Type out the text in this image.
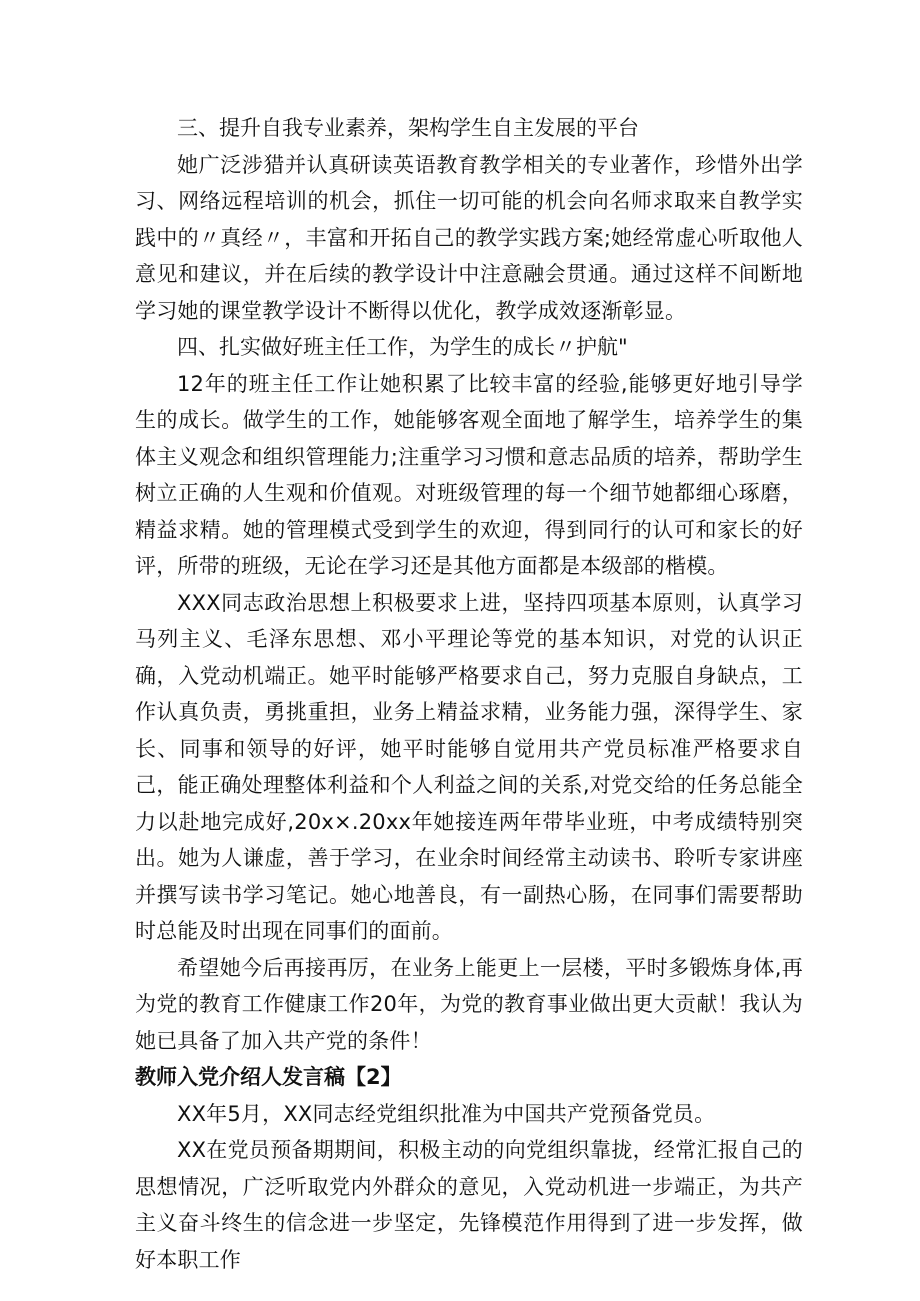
三、提升自我专业素养，架构学生自主发展的平台

她广泛涉猎并认真研读英语教育教学相关的专业著作，珍惜外出学习、网络远程培训的机会，抓住一切可能的机会向名师求取来自教学实践中的〃真经〃，丰富和开拓自己的教学实践方案;她经常虚心听取他人意见和建议，并在后续的教学设计中注意融会贯通。通过这样不间断地学习她的课堂教学设计不断得以优化，教学成效逐渐彰显。

四、扎实做好班主任工作，为学生的成长〃护航"

12年的班主任工作让她积累了比较丰富的经验,能够更好地引导学生的成长。做学生的工作，她能够客观全面地了解学生，培养学生的集体主义观念和组织管理能力;注重学习习惯和意志品质的培养，帮助学生树立正确的人生观和价值观。对班级管理的每一个细节她都细心琢磨，精益求精。她的管理模式受到学生的欢迎，得到同行的认可和家长的好评，所带的班级，无论在学习还是其他方面都是本级部的楷模。

XXX同志政治思想上积极要求上进，坚持四项基本原则，认真学习马列主义、毛泽东思想、邓小平理论等党的基本知识，对党的认识正确，入党动机端正。她平时能够严格要求自己，努力克服自身缺点，工作认真负责，勇挑重担，业务上精益求精，业务能力强，深得学生、家长、同事和领导的好评，她平时能够自觉用共产党员标准严格要求自己，能正确处理整体利益和个人利益之间的关系,对党交给的任务总能全力以赴地完成好,20x×.20xx年她接连两年带毕业班，中考成绩特别突出。她为人谦虚，善于学习，在业余时间经常主动读书、聆听专家讲座并撰写读书学习笔记。她心地善良，有一副热心肠，在同事们需要帮助时总能及时出现在同事们的面前。

希望她今后再接再厉，在业务上能更上一层楼，平时多锻炼身体,再为党的教育工作健康工作20年，为党的教育事业做出更大贡献！我认为她已具备了加入共产党的条件！

教师入党介绍人发言稿【2】

XX年5月，XX同志经党组织批准为中国共产党预备党员。

XX在党员预备期期间，积极主动的向党组织靠拢，经常汇报自己的思想情况，广泛听取党内外群众的意见，入党动机进一步端正，为共产主义奋斗终生的信念进一步坚定，先锋模范作用得到了进一步发挥，做好本职工作
